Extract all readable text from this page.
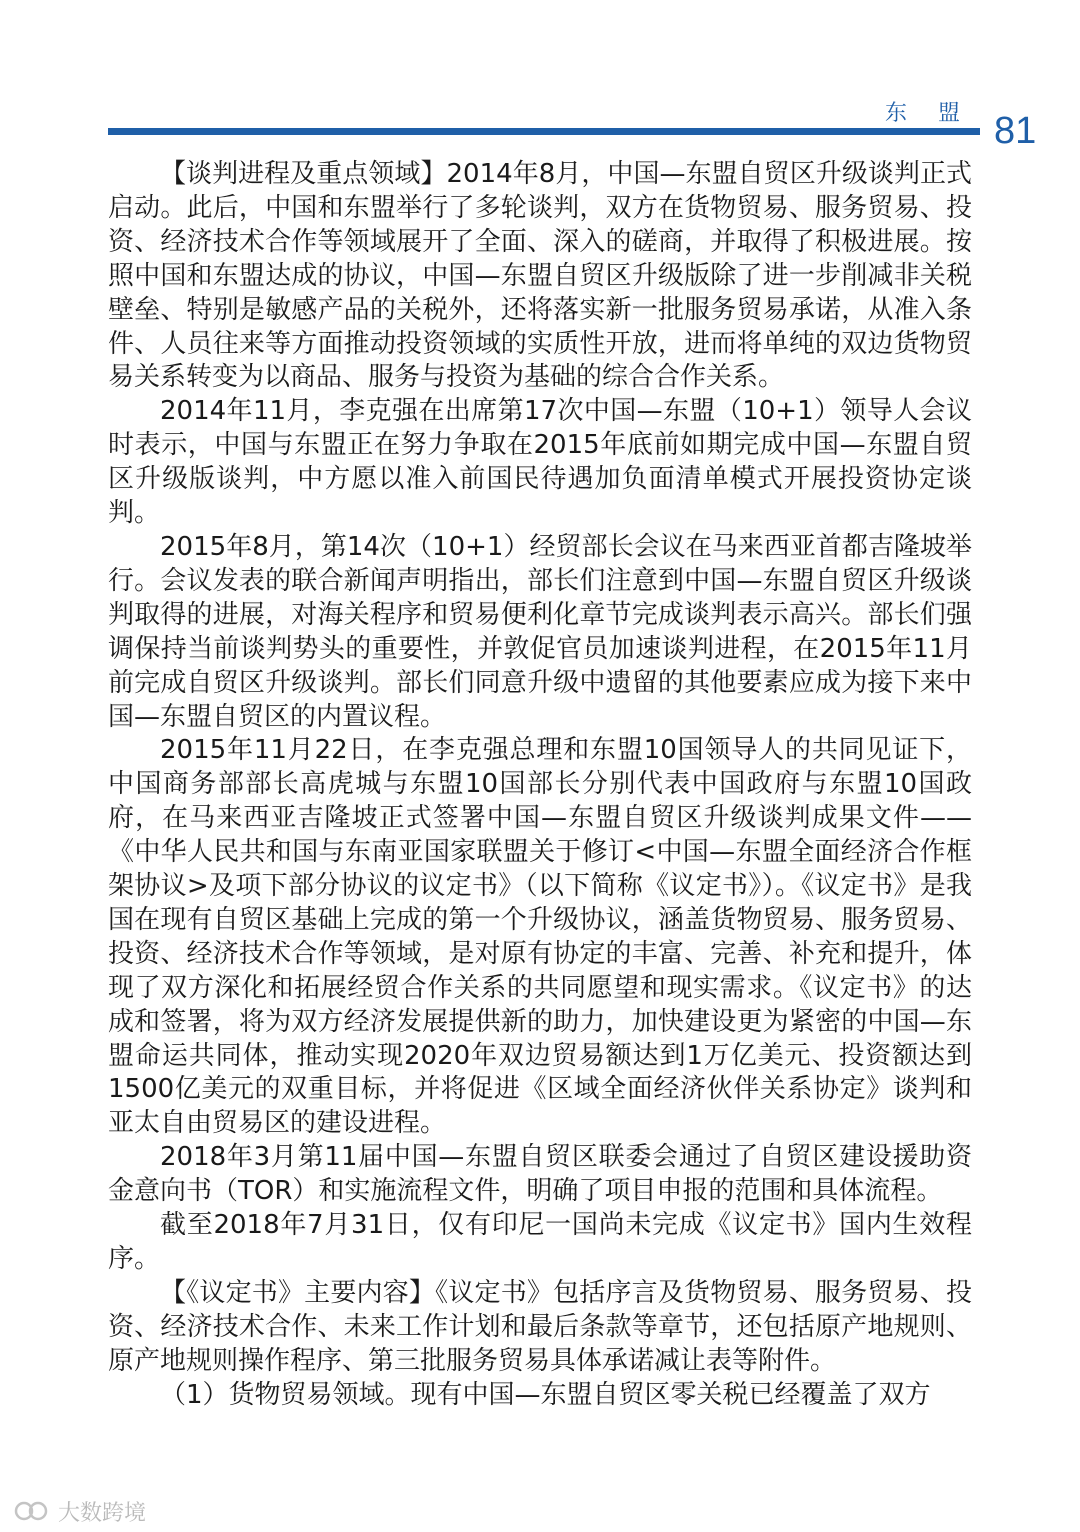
东 盟 81

【谈判进程及重点领域】2014年8月，中国—东盟自贸区升级谈判正式启动。此后，中国和东盟举行了多轮谈判，双方在货物贸易、服务贸易、投资、经济技术合作等领域展开了全面、深入的磋商，并取得了积极进展。按照中国和东盟达成的协议，中国—东盟自贸区升级版除了进一步削减非关税壁垒、特别是敏感产品的关税外，还将落实新一批服务贸易承诺，从准入条件、人员往来等方面推动投资领域的实质性开放，进而将单纯的双边货物贸易关系转变为以商品、服务与投资为基础的综合合作关系。

2014年11月，李克强在出席第17次中国—东盟（10+1）领导人会议时表示，中国与东盟正在努力争取在2015年底前如期完成中国—东盟自贸区升级版谈判，中方愿以准入前国民待遇加负面清单模式开展投资协定谈判。

2015年8月，第14次（10+1）经贸部长会议在马来西亚首都吉隆坡举行。会议发表的联合新闻声明指出，部长们注意到中国—东盟自贸区升级谈判取得的进展，对海关程序和贸易便利化章节完成谈判表示高兴。部长们强调保持当前谈判势头的重要性，并敦促官员加速谈判进程，在2015年11月前完成自贸区升级谈判。部长们同意升级中遗留的其他要素应成为接下来中国—东盟自贸区的内置议程。

2015年11月22日，在李克强总理和东盟10国领导人的共同见证下，中国商务部部长高虎城与东盟10国部长分别代表中国政府与东盟10国政府，在马来西亚吉隆坡正式签署中国—东盟自贸区升级谈判成果文件——《中华人民共和国与东南亚国家联盟关于修订<中国—东盟全面经济合作框架协议>及项下部分协议的议定书》（以下简称《议定书》）。《议定书》是我国在现有自贸区基础上完成的第一个升级协议，涵盖货物贸易、服务贸易、投资、经济技术合作等领域，是对原有协定的丰富、完善、补充和提升，体现了双方深化和拓展经贸合作关系的共同愿望和现实需求。《议定书》的达成和签署，将为双方经济发展提供新的助力，加快建设更为紧密的中国—东盟命运共同体，推动实现2020年双边贸易额达到1万亿美元、投资额达到1500亿美元的双重目标，并将促进《区域全面经济伙伴关系协定》谈判和亚太自由贸易区的建设进程。

2018年3月第11届中国—东盟自贸区联委会通过了自贸区建设援助资金意向书（TOR）和实施流程文件，明确了项目申报的范围和具体流程。

截至2018年7月31日，仅有印尼一国尚未完成《议定书》国内生效程序。

【《议定书》主要内容】《议定书》包括序言及货物贸易、服务贸易、投资、经济技术合作、未来工作计划和最后条款等章节，还包括原产地规则、原产地规则操作程序、第三批服务贸易具体承诺减让表等附件。

（1）货物贸易领域。现有中国—东盟自贸区零关税已经覆盖了双方

大数跨境
